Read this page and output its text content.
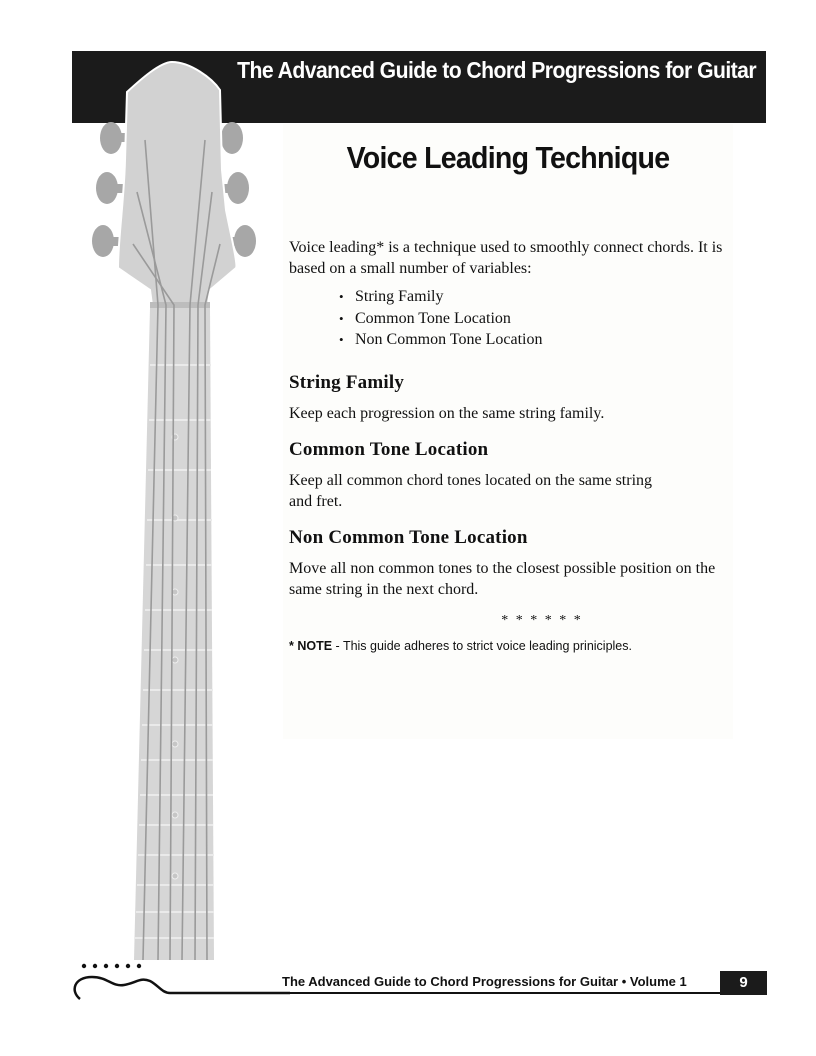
The Advanced Guide to Chord Progressions for Guitar
Voice Leading Technique

Voice leading* is a technique used to smoothly connect chords. It is based on a small number of variables:

• String Family
• Common Tone Location
• Non Common Tone Location
String Family

Keep each progression on the same string family.

Common Tone Location

Keep all common chord tones located on the same string and fret.

Non Common Tone Location

Move all non common tones to the closest possible position on the same string in the next chord.

* * * * * *
* NOTE - This guide adheres to strict voice leading priniciples.
The Advanced Guide to Chord Progressions for Guitar • Volume 1	9
